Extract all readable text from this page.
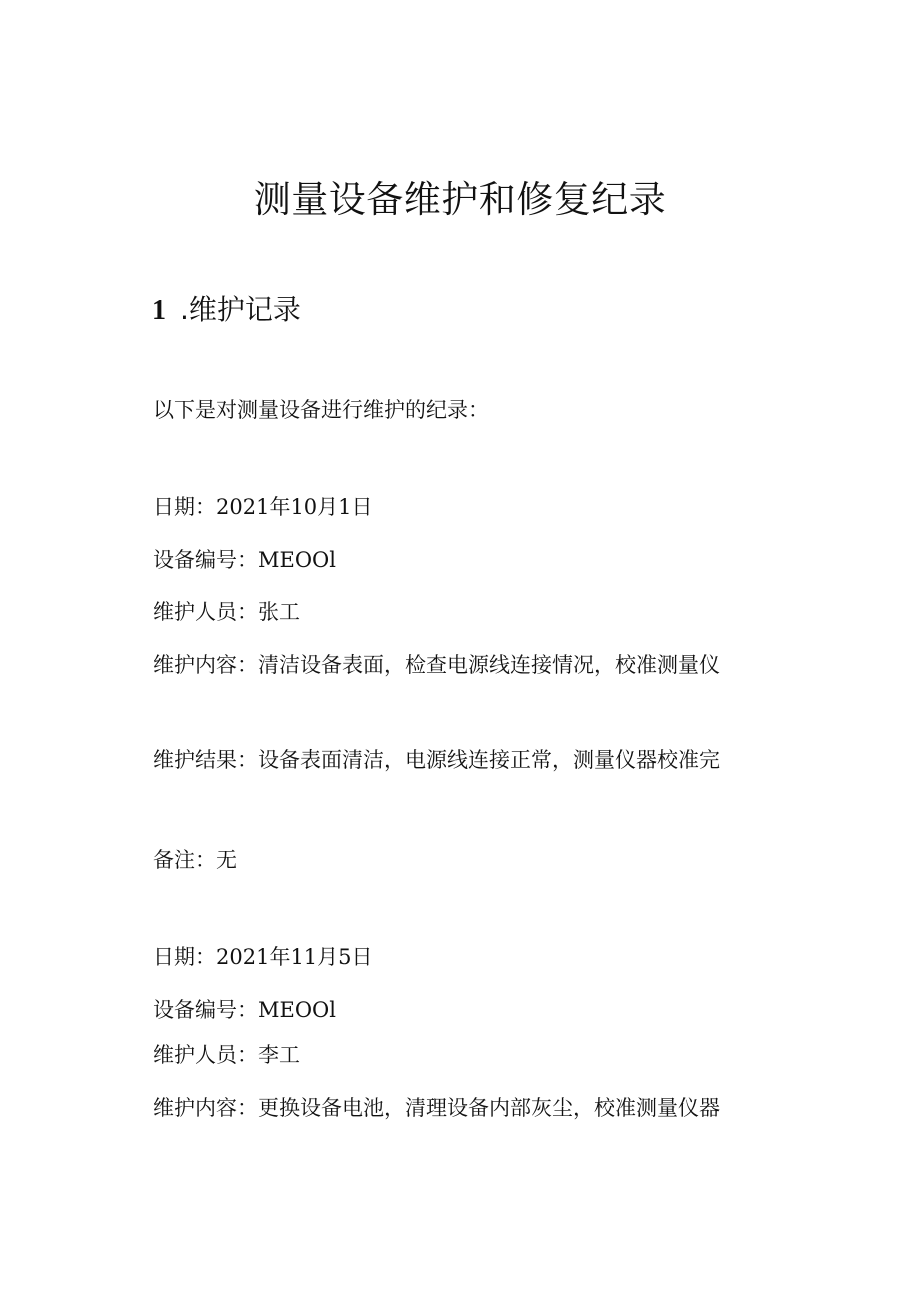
测量设备维护和修复纪录
1 .维护记录
以下是对测量设备进行维护的纪录：
日期：2021年10月1日
设备编号：MEOOl
维护人员：张工
维护内容：清洁设备表面，检查电源线连接情况，校准测量仪
维护结果：设备表面清洁，电源线连接正常，测量仪器校准完
备注：无
日期：2021年11月5日
设备编号：MEOOl
维护人员：李工
维护内容：更换设备电池，清理设备内部灰尘，校准测量仪器
